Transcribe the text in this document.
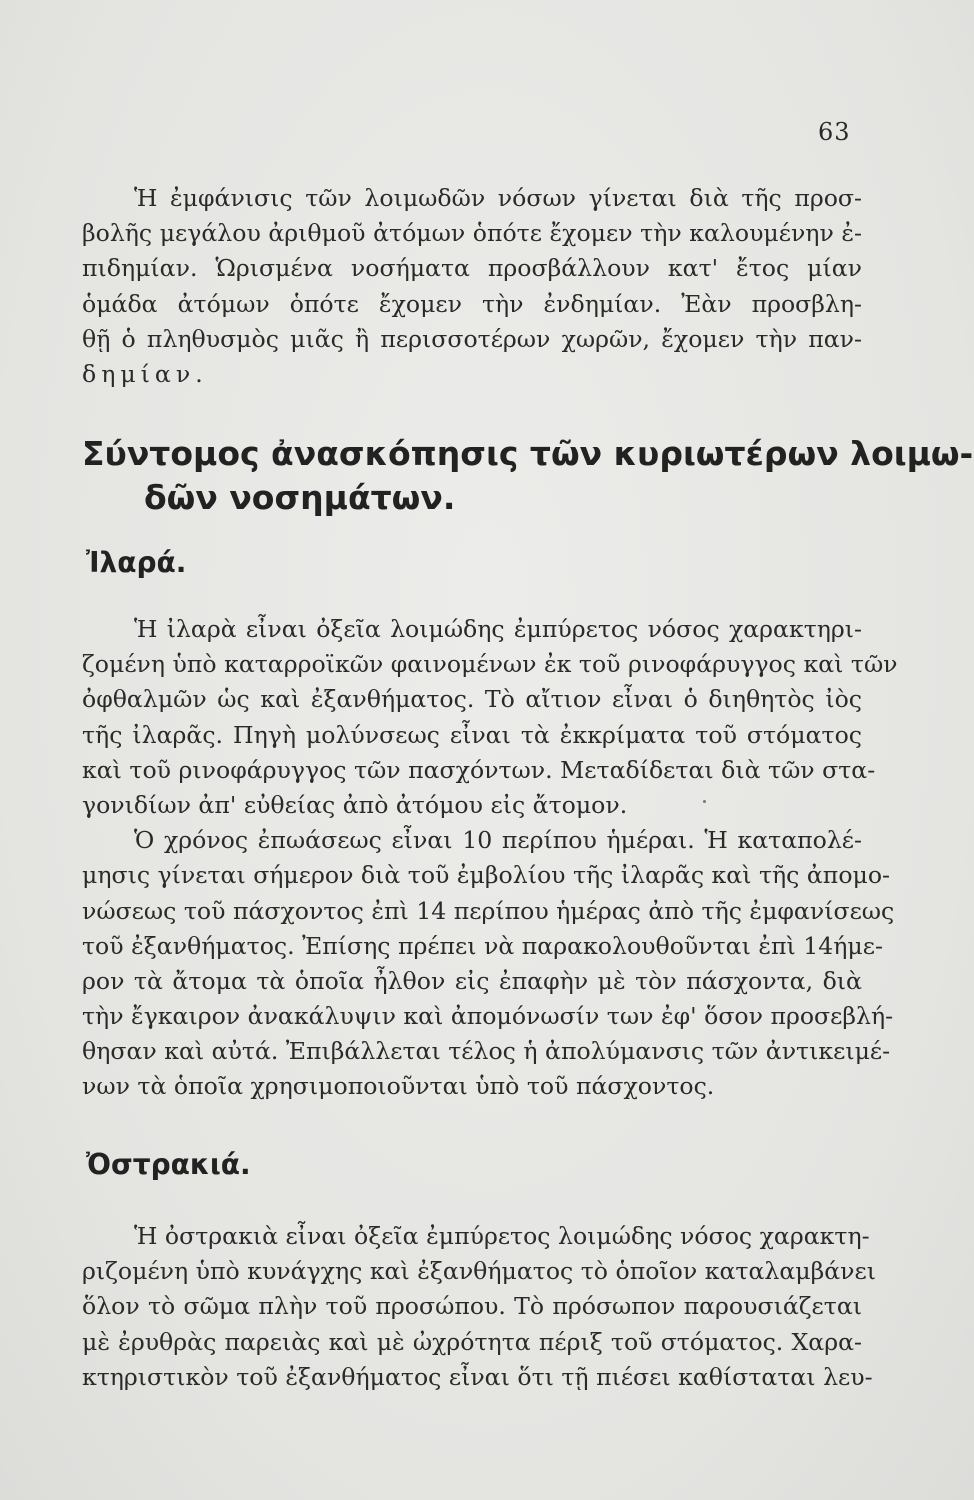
63
Ἡ ἐμφάνισις τῶν λοιμωδῶν νόσων γίνεται διὰ τῆς προσ-
βολῆς μεγάλου ἀριθμοῦ ἀτόμων ὁπότε ἔχομεν τὴν καλουμένην ἐ-
πιδημίαν. Ὡρισμένα νοσήματα προσβάλλουν κατ' ἔτος μίαν
ὁμάδα ἀτόμων ὁπότε ἔχομεν τὴν ἐνδημίαν. Ἐὰν προσβλη-
θῇ ὁ πληθυσμὸς μιᾶς ἢ περισσοτέρων χωρῶν, ἔχομεν τὴν παν-
δημίαν.
Σύντομος ἀνασκόπησις τῶν κυριωτέρων λοιμω-
δῶν νοσημάτων.
Ἰλαρά.
Ἡ ἰλαρὰ εἶναι ὀξεῖα λοιμώδης ἐμπύρετος νόσος χαρακτηρι-
ζομένη ὑπὸ καταρροϊκῶν φαινομένων ἐκ τοῦ ρινοφάρυγγος καὶ τῶν
ὀφθαλμῶν ὡς καὶ ἐξανθήματος. Τὸ αἴτιον εἶναι ὁ διηθητὸς ἰὸς
τῆς ἰλαρᾶς. Πηγὴ μολύνσεως εἶναι τὰ ἐκκρίματα τοῦ στόματος
καὶ τοῦ ρινοφάρυγγος τῶν πασχόντων. Μεταδίδεται διὰ τῶν στα-
γονιδίων ἀπ' εὐθείας ἀπὸ ἀτόμου εἰς ἄτομον.
Ὁ χρόνος ἐπωάσεως εἶναι 10 περίπου ἡμέραι. Ἡ καταπολέ-
μησις γίνεται σήμερον διὰ τοῦ ἐμβολίου τῆς ἰλαρᾶς καὶ τῆς ἀπομο-
νώσεως τοῦ πάσχοντος ἐπὶ 14 περίπου ἡμέρας ἀπὸ τῆς ἐμφανίσεως
τοῦ ἐξανθήματος. Ἐπίσης πρέπει νὰ παρακολουθοῦνται ἐπὶ 14ήμε-
ρον τὰ ἄτομα τὰ ὁποῖα ἦλθον εἰς ἐπαφὴν μὲ τὸν πάσχοντα, διὰ
τὴν ἔγκαιρον ἀνακάλυψιν καὶ ἀπομόνωσίν των ἐφ' ὅσον προσεβλή-
θησαν καὶ αὐτά. Ἐπιβάλλεται τέλος ἡ ἀπολύμανσις τῶν ἀντικειμέ-
νων τὰ ὁποῖα χρησιμοποιοῦνται ὑπὸ τοῦ πάσχοντος.
Ὀστρακιά.
Ἡ ὀστρακιὰ εἶναι ὀξεῖα ἐμπύρετος λοιμώδης νόσος χαρακτη-
ριζομένη ὑπὸ κυνάγχης καὶ ἐξανθήματος τὸ ὁποῖον καταλαμβάνει
ὅλον τὸ σῶμα πλὴν τοῦ προσώπου. Τὸ πρόσωπον παρουσιάζεται
μὲ ἐρυθρὰς παρειὰς καὶ μὲ ὠχρότητα πέριξ τοῦ στόματος. Χαρα-
κτηριστικὸν τοῦ ἐξανθήματος εἶναι ὅτι τῇ πιέσει καθίσταται λευ-
